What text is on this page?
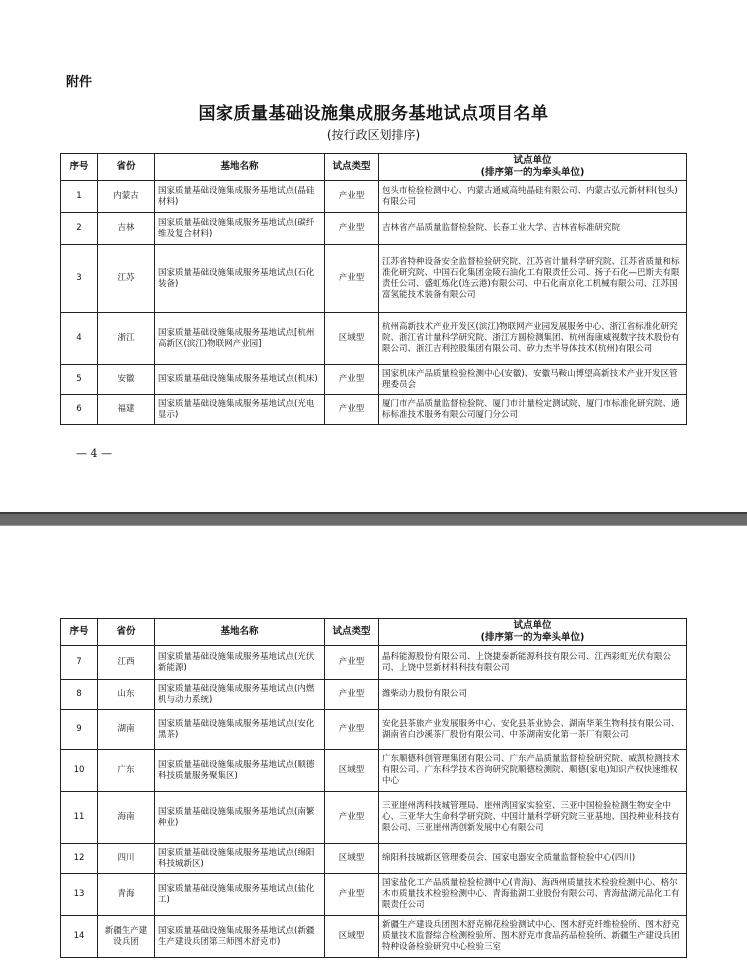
附件
国家质量基础设施集成服务基地试点项目名单
(按行政区划排序)
序号	省份	基地名称	试点类型	试点单位
(排序第一的为牵头单位)

1	内蒙古	国家质量基础设施集成服务基地试点(晶硅材料)	产业型	包头市检验检测中心、内蒙古通威高纯晶硅有限公司、内蒙古弘元新材料(包头)有限公司
2	吉林	国家质量基础设施集成服务基地试点(碳纤维及复合材料)	产业型	吉林省产品质量监督检验院、长春工业大学、吉林省标准研究院
3	江苏	国家质量基础设施集成服务基地试点(石化装备)	产业型	江苏省特种设备安全监督检验研究院、江苏省计量科学研究院、江苏省质量和标准化研究院、中国石化集团金陵石油化工有限责任公司、扬子石化—巴斯夫有限责任公司、盛虹炼化(连云港)有限公司、中石化南京化工机械有限公司、江苏国富氢能技术装备有限公司
4	浙江	国家质量基础设施集成服务基地试点[杭州高新区(滨江)物联网产业园]	区域型	杭州高新技术产业开发区(滨江)物联网产业园发展服务中心、浙江省标准化研究院、浙江省计量科学研究院、浙江方圆检测集团、杭州海康威视数字技术股份有限公司、浙江吉利控股集团有限公司、矽力杰半导体技术(杭州)有限公司
5	安徽	国家质量基础设施集成服务基地试点(机床)	产业型	国家机床产品质量检验检测中心(安徽)、安徽马鞍山博望高新技术产业开发区管理委员会
6	福建	国家质量基础设施集成服务基地试点(光电显示)	产业型	厦门市产品质量监督检验院、厦门市计量检定测试院、厦门市标准化研究院、通标标准技术服务有限公司厦门分公司
— 4 —
序号	省份	基地名称	试点类型	试点单位
(排序第一的为牵头单位)

7	江西	国家质量基础设施集成服务基地试点(光伏新能源)	产业型	晶科能源股份有限公司、上饶捷泰新能源科技有限公司、江西彩虹光伏有限公司、上饶中昱新材料科技有限公司
8	山东	国家质量基础设施集成服务基地试点(内燃机与动力系统)	产业型	潍柴动力股份有限公司
9	湖南	国家质量基础设施集成服务基地试点(安化黑茶)	产业型	安化县茶旅产业发展服务中心、安化县茶业协会、湖南华莱生物科技有限公司、湖南省白沙溪茶厂股份有限公司、中茶湖南安化第一茶厂有限公司
10	广东	国家质量基础设施集成服务基地试点(顺德科技质量服务聚集区)	区域型	广东顺德科创管理集团有限公司、广东产品质量监督检验研究院、威凯检测技术有限公司、广东科学技术咨询研究院顺德检测院、顺德(家电)知识产权快速维权中心
11	海南	国家质量基础设施集成服务基地试点(南繁种业)	产业型	三亚崖州湾科技城管理局、崖州湾国家实验室、三亚中国检验检测生物安全中心、三亚华大生命科学研究院、中国计量科学研究院三亚基地、国投种业科技有限公司、三亚崖州湾创新发展中心有限公司
12	四川	国家质量基础设施集成服务基地试点(绵阳科技城新区)	区域型	绵阳科技城新区管理委员会、国家电器安全质量监督检验中心(四川)
13	青海	国家质量基础设施集成服务基地试点(盐化工)	产业型	国家盐化工产品质量检验检测中心(青海)、海西州质量技术检验检测中心、格尔木市质量技术检验检测中心、青海盐湖工业股份有限公司、青海盐湖元品化工有限责任公司
14	新疆生产建设兵团	国家质量基础设施集成服务基地试点(新疆生产建设兵团第三师图木舒克市)	区域型	新疆生产建设兵团图木舒克棉花检验测试中心、图木舒克纤维检验所、图木舒克质量技术监督综合检测检验所、图木舒克市食品药品检验所、新疆生产建设兵团特种设备检验研究中心检验三室
